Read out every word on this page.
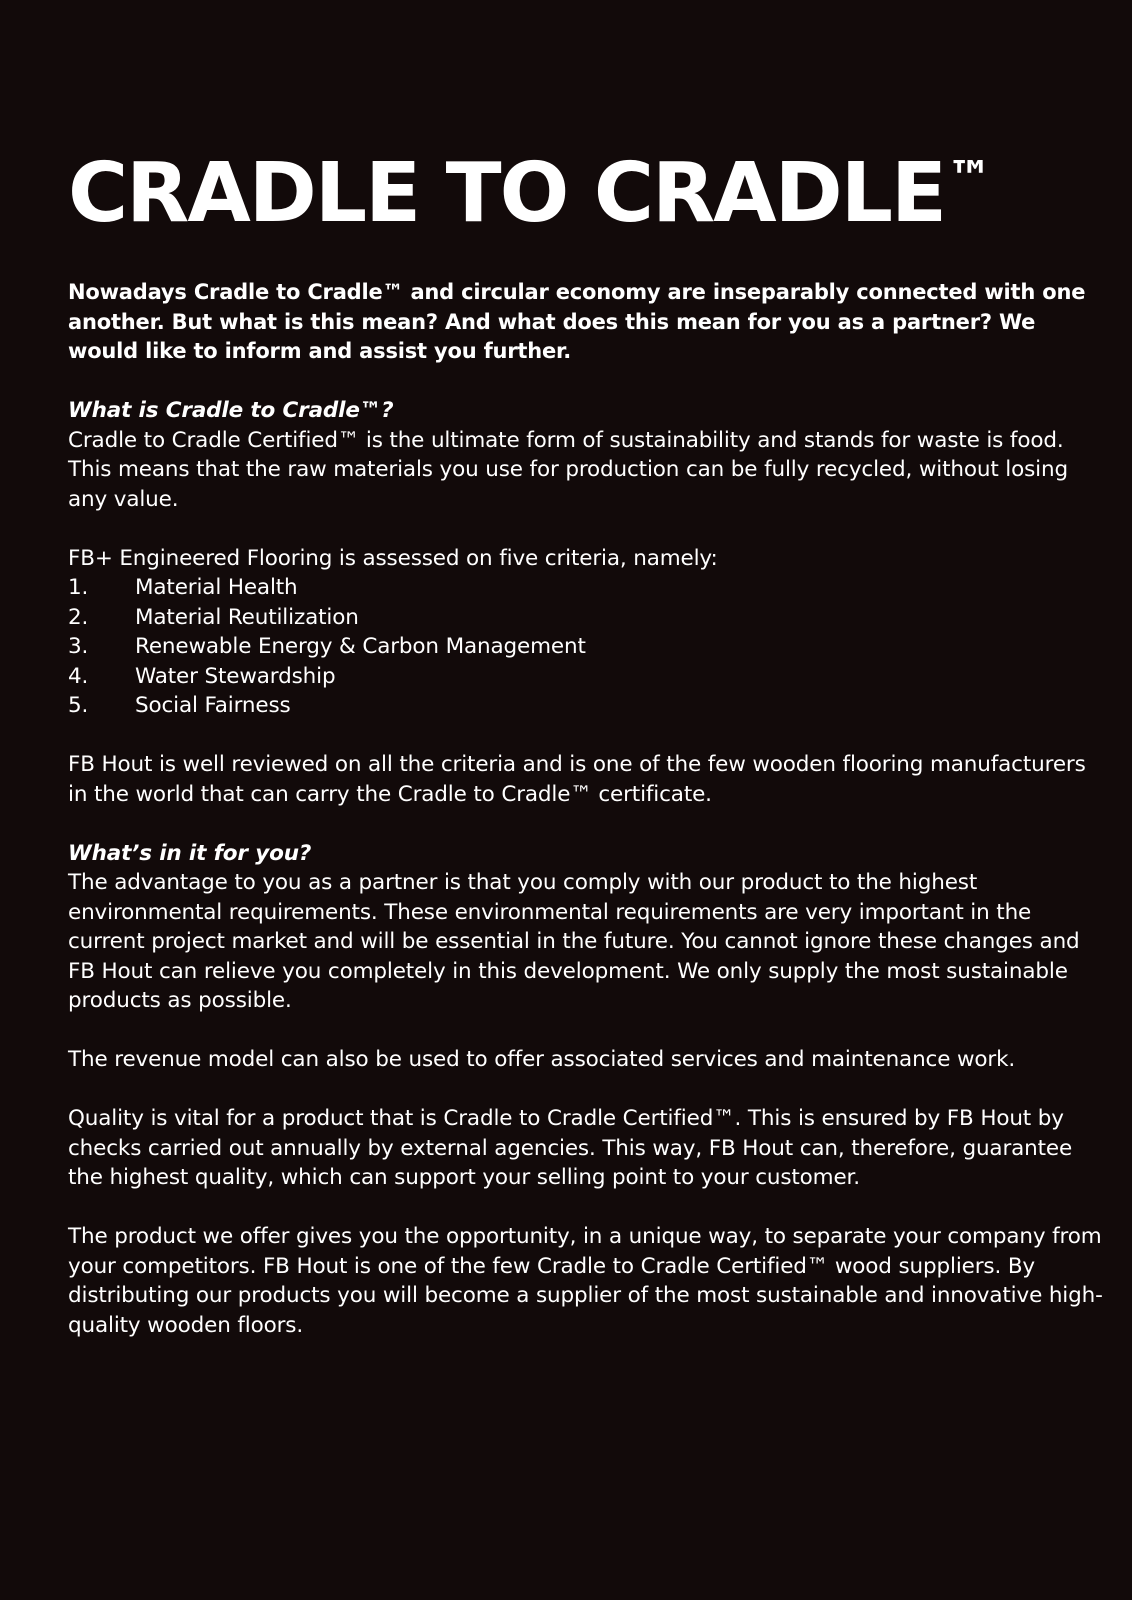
CRADLE TO CRADLE™

Nowadays Cradle to Cradle™ and circular economy are inseparably connected with one another. But what is this mean? And what does this mean for you as a partner? We would like to inform and assist you further.

What is Cradle to Cradle™?
Cradle to Cradle Certified™ is the ultimate form of sustainability and stands for waste is food. This means that the raw materials you use for production can be fully recycled, without losing any value.
FB+ Engineered Flooring is assessed on five criteria, namely:
1.	Material Health
2.	Material Reutilization
3.	Renewable Energy & Carbon Management
4.	Water Stewardship
5.	Social Fairness

FB Hout is well reviewed on all the criteria and is one of the few wooden flooring manufacturers in the world that can carry the Cradle to Cradle™ certificate.

What’s in it for you?
The advantage to you as a partner is that you comply with our product to the highest environmental requirements. These environmental requirements are very important in the current project market and will be essential in the future. You cannot ignore these changes and FB Hout can relieve you completely in this development. We only supply the most sustainable products as possible.

The revenue model can also be used to offer associated services and maintenance work.

Quality is vital for a product that is Cradle to Cradle Certified™. This is ensured by FB Hout by checks carried out annually by external agencies. This way, FB Hout can, therefore, guarantee the highest quality, which can support your selling point to your customer.

The product we offer gives you the opportunity, in a unique way, to separate your company from your competitors. FB Hout is one of the few Cradle to Cradle Certified™ wood suppliers. By distributing our products you will become a supplier of the most sustainable and innovative high-quality wooden floors.
